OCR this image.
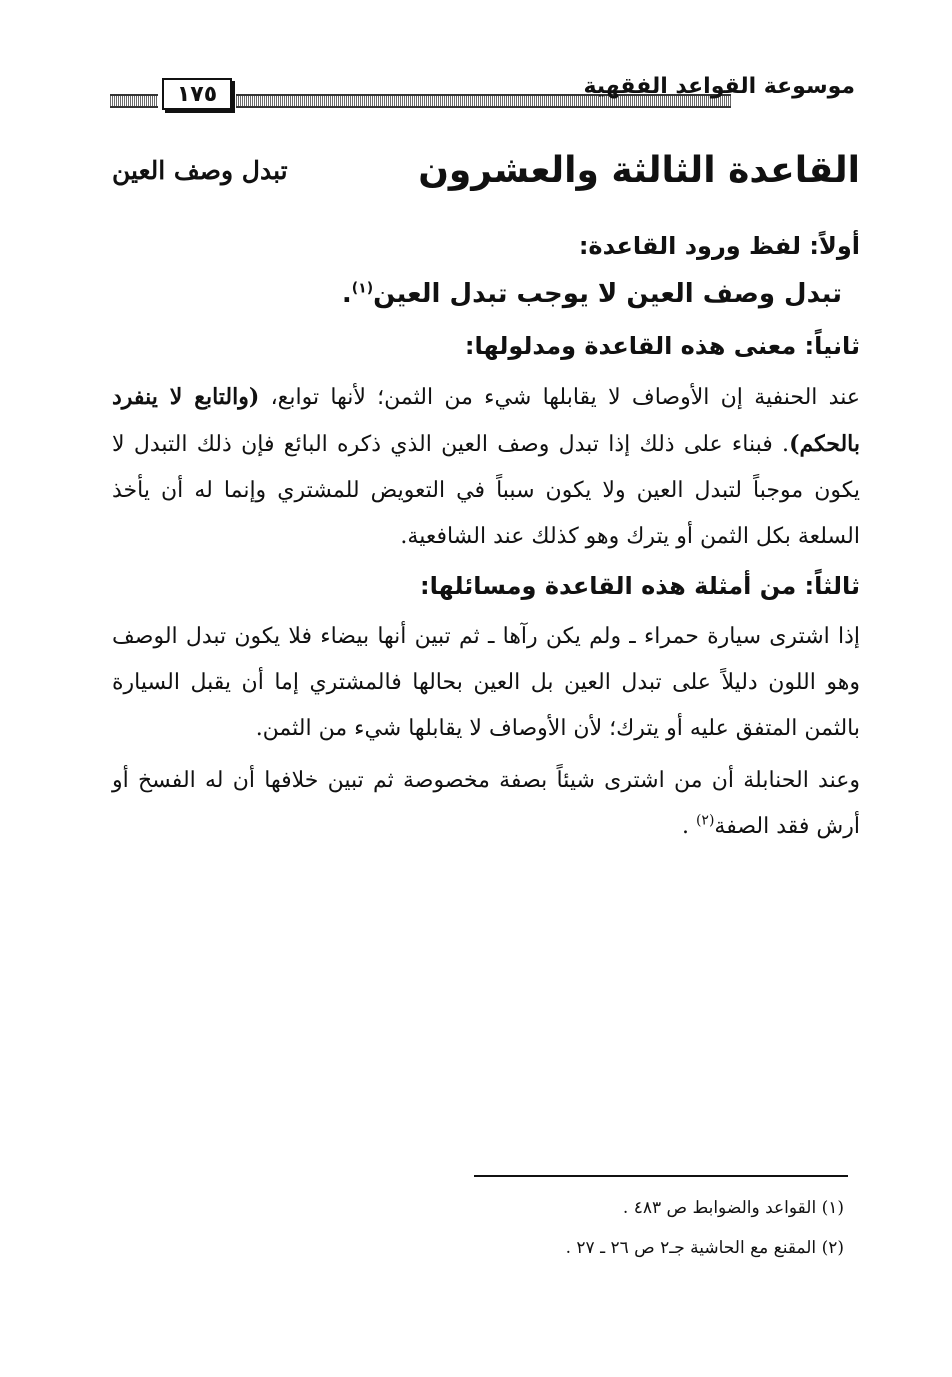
١٧٥	موسوعة القواعد الفقهية
القاعدة الثالثة والعشرون
تبدل وصف العين
أولاً: لفظ ورود القاعدة:
تبدل وصف العين لا يوجب تبدل العين$^{(١)}$.
ثانياً: معنى هذه القاعدة ومدلولها:

عند الحنفية إن الأوصاف لا يقابلها شيء من الثمن؛ لأنها توابع، (والتابع لا ينفرد بالحكم). فبناء على ذلك إذا تبدل وصف العين الذي ذكره البائع فإن ذلك التبدل لا يكون موجباً لتبدل العين ولا يكون سبباً في التعويض للمشتري وإنما له أن يأخذ السلعة بكل الثمن أو يترك وهو كذلك عند الشافعية.

ثالثاً: من أمثلة هذه القاعدة ومسائلها:

إذا اشترى سيارة حمراء ـ ولم يكن رآها ـ ثم تبين أنها بيضاء فلا يكون تبدل الوصف وهو اللون دليلاً على تبدل العين بل العين بحالها فالمشتري إما أن يقبل السيارة بالثمن المتفق عليه أو يترك؛ لأن الأوصاف لا يقابلها شيء من الثمن.

وعند الحنابلة أن من اشترى شيئاً بصفة مخصوصة ثم تبين خلافها أن له الفسخ أو أرش فقد الصفة$^{(٢)}$ .

(١) القواعد والضوابط ص ٤٨٣ .
(٢) المقنع مع الحاشية جـ٢ ص ٢٦ ـ ٢٧ .
